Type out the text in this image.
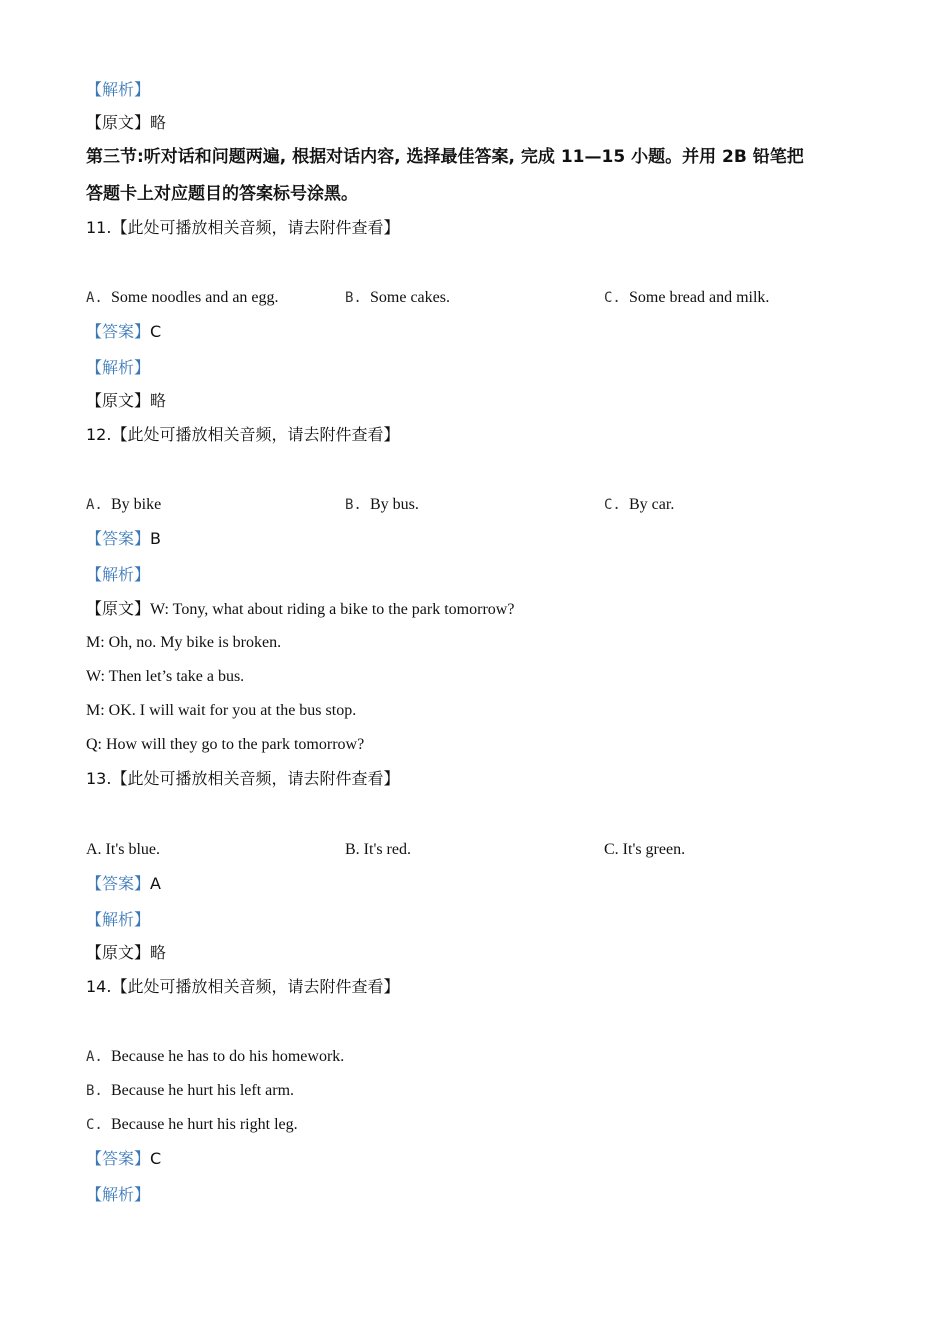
【解析】
【原文】略
第三节:听对话和问题两遍, 根据对话内容, 选择最佳答案, 完成 11—15 小题。并用 2B 铅笔把
答题卡上对应题目的答案标号涂黑。
11.【此处可播放相关音频，请去附件查看】
A. Some noodles and an egg.	B. Some cakes.	C. Some bread and milk.
【答案】C
【解析】
【原文】略
12.【此处可播放相关音频，请去附件查看】
A. By bike	B. By bus.	C. By car.
【答案】B
【解析】
【原文】W: Tony, what about riding a bike to the park tomorrow?
M: Oh, no. My bike is broken.
W: Then let’s take a bus.
M: OK. I will wait for you at the bus stop.
Q: How will they go to the park tomorrow?
13.【此处可播放相关音频，请去附件查看】
A. It's blue.	B. It's red.	C. It's green.
【答案】A
【解析】
【原文】略
14.【此处可播放相关音频，请去附件查看】
A. Because he has to do his homework.
B. Because he hurt his left arm.
C. Because he hurt his right leg.
【答案】C
【解析】
